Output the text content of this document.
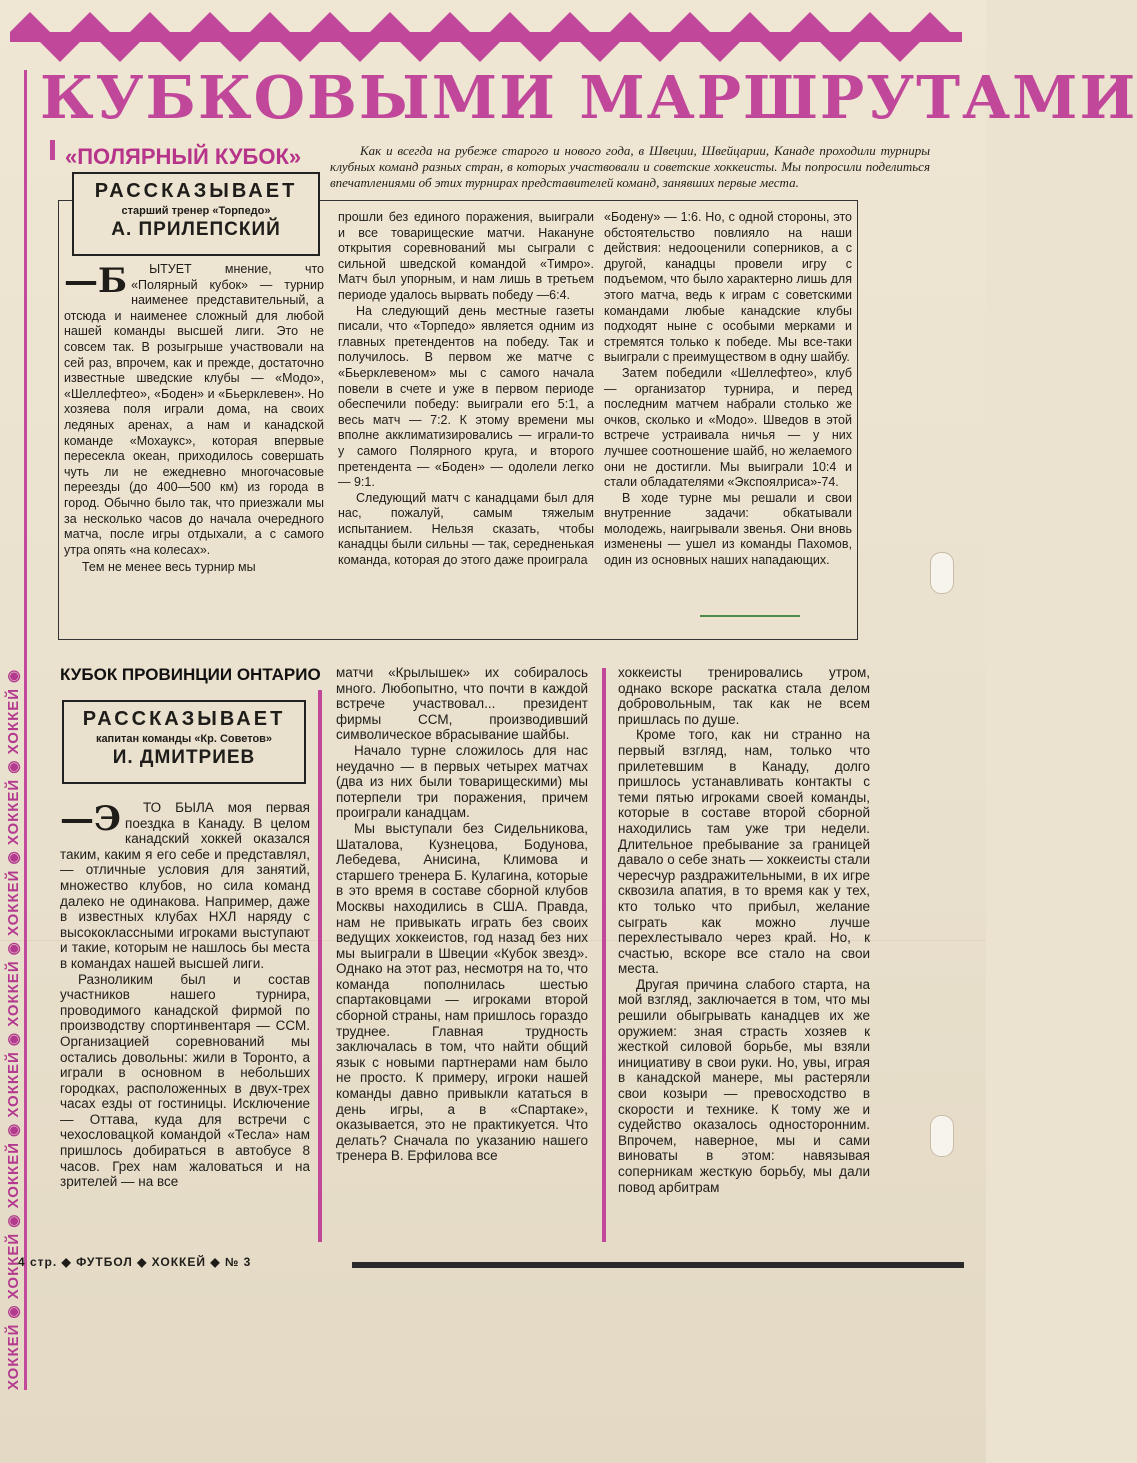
ХОККЕЙ ◉ ХОККЕЙ ◉ ХОККЕЙ ◉ ХОККЕЙ ◉ ХОККЕЙ ◉ ХОККЕЙ ◉ ХОККЕЙ ◉ ХОККЕЙ ◉
КУБКОВЫМИ МАРШРУТАМИ
«ПОЛЯРНЫЙ КУБОК»	Как и всегда на рубеже старого и нового года, в Швеции, Швейцарии, Канаде проходили турниры клубных команд разных стран, в которых участвовали и советские хоккеисты. Мы попросили поделиться впечатлениями об этих турнирах представителей команд, занявших первые места.

РАССКАЗЫВАЕТ
старший тренер «Торпедо»
А. ПРИЛЕПСКИЙ
—Б ЫТУЕТ мнение, что «Полярный кубок» — турнир наименее представительный, а отсюда и наименее сложный для любой нашей команды высшей лиги. Это не совсем так. В розыгрыше участвовали на сей раз, впрочем, как и прежде, достаточно известные шведские клубы — «Модо», «Шеллефтео», «Боден» и «Бьерклевен». Но хозяева поля играли дома, на своих ледяных аренах, а нам и канадской команде «Мохаукс», которая впервые пересекла океан, приходилось совершать чуть ли не ежедневно многочасовые переезды (до 400—500 км) из города в город. Обычно было так, что приезжали мы за несколько часов до начала очередного матча, после игры отдыхали, а с самого утра опять «на колесах».
Тем не менее весь турнир мы
прошли без единого поражения, выиграли и все товарищеские матчи. Накануне открытия соревнований мы сыграли с сильной шведской командой «Тимро». Матч был упорным, и нам лишь в третьем периоде удалось вырвать победу —6:4.
На следующий день местные газеты писали, что «Торпедо» является одним из главных претендентов на победу. Так и получилось. В первом же матче с «Бьерклевеном» мы с самого начала повели в счете и уже в первом периоде обеспечили победу: выиграли его 5:1, а весь матч — 7:2. К этому времени мы вполне акклиматизировались — играли-то у самого Полярного круга, и второго претендента — «Боден» — одолели легко — 9:1.
Следующий матч с канадцами был для нас, пожалуй, самым тяжелым испытанием. Нельзя сказать, чтобы канадцы были сильны — так, середненькая команда, которая до этого даже проиграла
«Бодену» — 1:6. Но, с одной стороны, это обстоятельство повлияло на наши действия: недооценили соперников, а с другой, канадцы провели игру с подъемом, что было характерно лишь для этого матча, ведь к играм с советскими командами любые канадские клубы подходят ныне с особыми мерками и стремятся только к победе. Мы все-таки выиграли с преимуществом в одну шайбу.
Затем победили «Шеллефтео», клуб — организатор турнира, и перед последним матчем набрали столько же очков, сколько и «Модо». Шведов в этой встрече устраивала ничья — у них лучшее соотношение шайб, но желаемого они не достигли. Мы выиграли 10:4 и стали обладателями «Экспоялриса»-74.
В ходе турне мы решали и свои внутренние задачи: обкатывали молодежь, наигрывали звенья. Они вновь изменены — ушел из команды Пахомов, один из основных наших нападающих.
КУБОК ПРОВИНЦИИ ОНТАРИО
РАССКАЗЫВАЕТ
капитан команды «Кр. Советов»
И. ДМИТРИЕВ
—Э ТО БЫЛА моя первая поездка в Канаду. В целом канадский хоккей оказался таким, каким я его себе и представлял,— отличные условия для занятий, множество клубов, но сила команд далеко не одинакова. Например, даже в известных клубах НХЛ наряду с высококлассными игроками выступают и такие, которым не нашлось бы места в командах нашей высшей лиги.
Разноликим был и состав участников нашего турнира, проводимого канадской фирмой по производству спортинвентаря — ССМ. Организацией соревнований мы остались довольны: жили в Торонто, а играли в основном в небольших городках, расположенных в двух-трех часах езды от гостиницы. Исключение — Оттава, куда для встречи с чехословацкой командой «Тесла» нам пришлось добираться в автобусе 8 часов. Грех нам жаловаться и на зрителей — на все
матчи «Крылышек» их собиралось много. Любопытно, что почти в каждой встрече участвовал... президент фирмы ССМ, производивший символическое вбрасывание шайбы.
Начало турне сложилось для нас неудачно — в первых четырех матчах (два из них были товарищескими) мы потерпели три поражения, причем проиграли канадцам.
Мы выступали без Сидельникова, Шаталова, Кузнецова, Бодунова, Лебедева, Анисина, Климова и старшего тренера Б. Кулагина, которые в это время в составе сборной клубов Москвы находились в США. Правда, нам не привыкать играть без своих ведущих хоккеистов, год назад без них мы выиграли в Швеции «Кубок звезд». Однако на этот раз, несмотря на то, что команда пополнилась шестью спартаковцами — игроками второй сборной страны, нам пришлось гораздо труднее. Главная трудность заключалась в том, что найти общий язык с новыми партнерами нам было не просто. К примеру, игроки нашей команды давно привыкли кататься в день игры, а в «Спартаке», оказывается, это не практикуется. Что делать? Сначала по указанию нашего тренера В. Ерфилова все
хоккеисты тренировались утром, однако вскоре раскатка стала делом добровольным, так как не всем пришлась по душе.
Кроме того, как ни странно на первый взгляд, нам, только что прилетевшим в Канаду, долго пришлось устанавливать контакты с теми пятью игроками своей команды, которые в составе второй сборной находились там уже три недели. Длительное пребывание за границей давало о себе знать — хоккеисты стали чересчур раздражительными, в их игре сквозила апатия, в то время как у тех, кто только что прибыл, желание сыграть как можно лучше перехлестывало через край. Но, к счастью, вскоре все стало на свои места.
Другая причина слабого старта, на мой взгляд, заключается в том, что мы решили обыгрывать канадцев их же оружием: зная страсть хозяев к жесткой силовой борьбе, мы взяли инициативу в свои руки. Но, увы, играя в канадской манере, мы растеряли свои козыри — превосходство в скорости и технике. К тому же и судейство оказалось односторонним. Впрочем, наверное, мы и сами виноваты в этом: навязывая соперникам жесткую борьбу, мы дали повод арбитрам
4 стр. ◆ ФУТБОЛ ◆ ХОККЕЙ ◆ № 3
